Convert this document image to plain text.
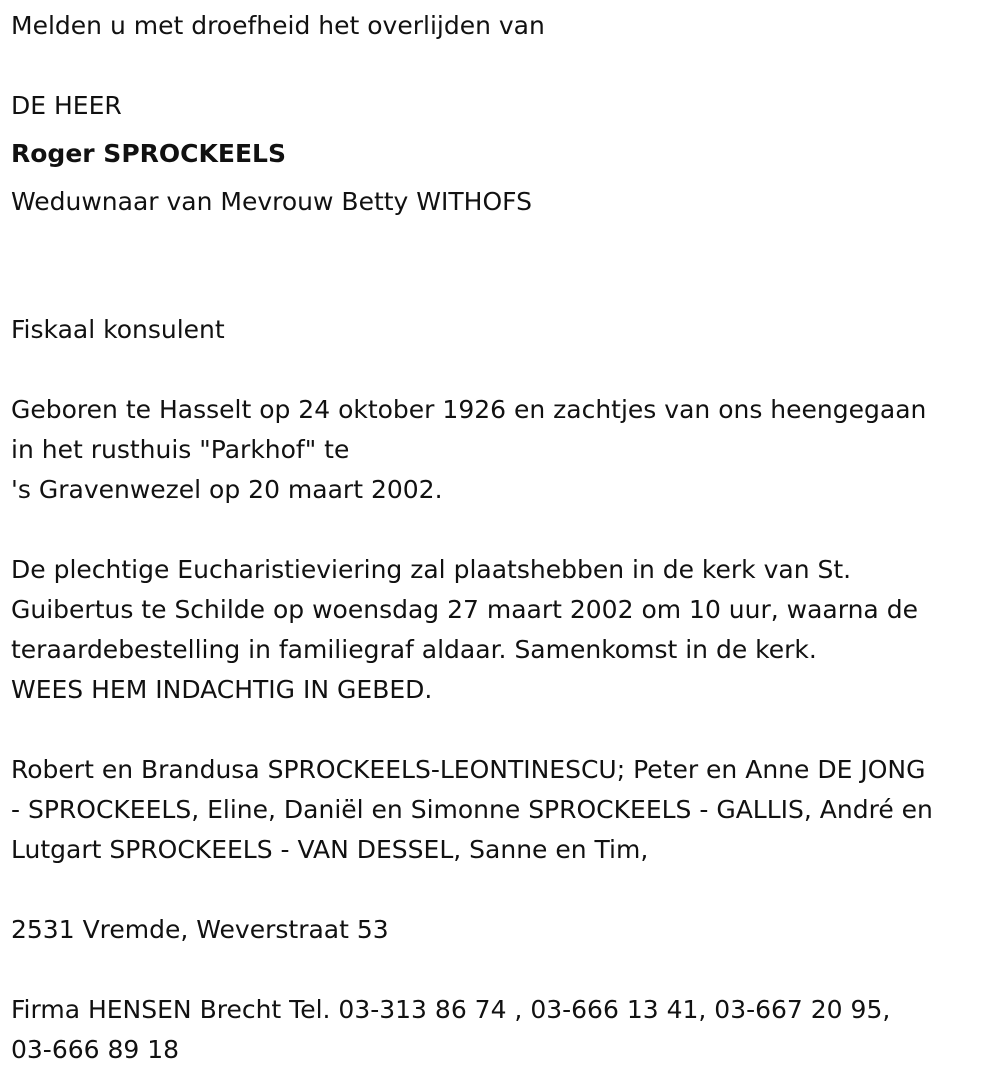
Melden u met droefheid het overlijden van
DE HEER
Roger SPROCKEELS
Weduwnaar van Mevrouw Betty WITHOFS
Fiskaal konsulent
Geboren te Hasselt op 24 oktober 1926 en zachtjes van ons heengegaan
in het rusthuis "Parkhof" te
's Gravenwezel op 20 maart 2002.
De plechtige Eucharistieviering zal plaatshebben in de kerk van St.
Guibertus te Schilde op woensdag 27 maart 2002 om 10 uur, waarna de
teraardebestelling in familiegraf aldaar. Samenkomst in de kerk.
WEES HEM INDACHTIG IN GEBED.
Robert en Brandusa SPROCKEELS-LEONTINESCU; Peter en Anne DE JONG
- SPROCKEELS, Eline, Daniël en Simonne SPROCKEELS - GALLIS, André en
Lutgart SPROCKEELS - VAN DESSEL, Sanne en Tim,
2531 Vremde, Weverstraat 53
Firma HENSEN Brecht Tel. 03-313 86 74 , 03-666 13 41, 03-667 20 95,
03-666 89 18
